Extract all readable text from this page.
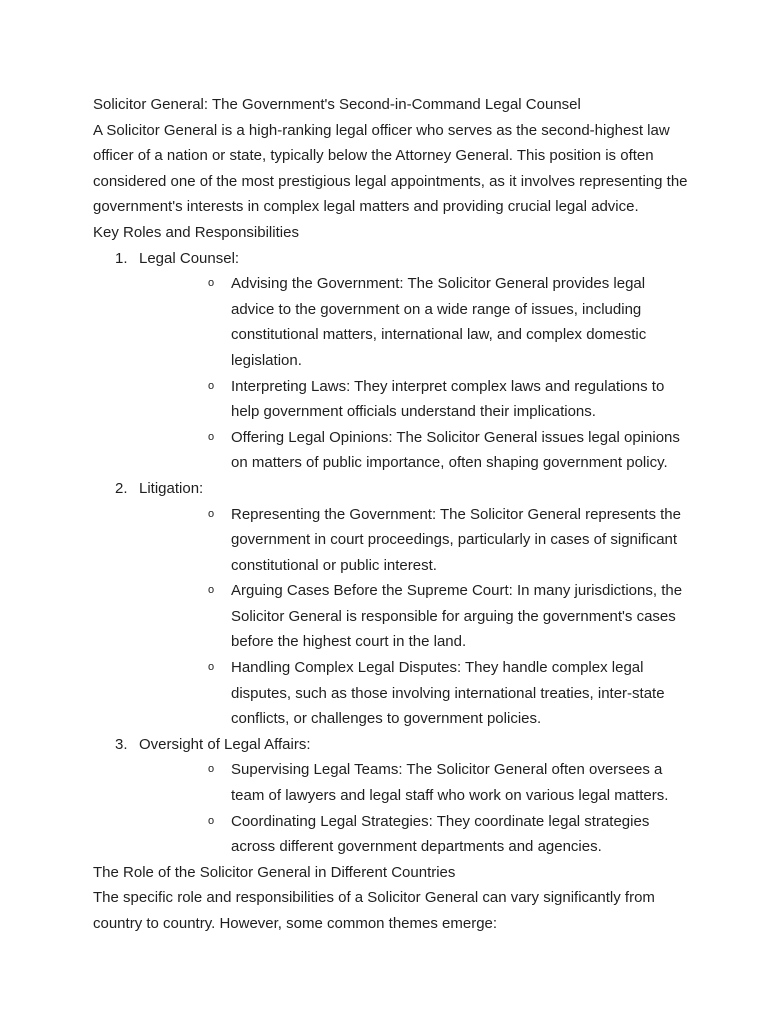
Solicitor General: The Government's Second-in-Command Legal Counsel

A Solicitor General is a high-ranking legal officer who serves as the second-highest law officer of a nation or state, typically below the Attorney General. This position is often considered one of the most prestigious legal appointments, as it involves representing the government's interests in complex legal matters and providing crucial legal advice.

Key Roles and Responsibilities

1. Legal Counsel:
o Advising the Government: The Solicitor General provides legal advice to the government on a wide range of issues, including constitutional matters, international law, and complex domestic legislation.
o Interpreting Laws: They interpret complex laws and regulations to help government officials understand their implications.
o Offering Legal Opinions: The Solicitor General issues legal opinions on matters of public importance, often shaping government policy.
2. Litigation:
o Representing the Government: The Solicitor General represents the government in court proceedings, particularly in cases of significant constitutional or public interest.
o Arguing Cases Before the Supreme Court: In many jurisdictions, the Solicitor General is responsible for arguing the government's cases before the highest court in the land.
o Handling Complex Legal Disputes: They handle complex legal disputes, such as those involving international treaties, inter-state conflicts, or challenges to government policies.
3. Oversight of Legal Affairs:
o Supervising Legal Teams: The Solicitor General often oversees a team of lawyers and legal staff who work on various legal matters.
o Coordinating Legal Strategies: They coordinate legal strategies across different government departments and agencies.

The Role of the Solicitor General in Different Countries

The specific role and responsibilities of a Solicitor General can vary significantly from country to country. However, some common themes emerge:
